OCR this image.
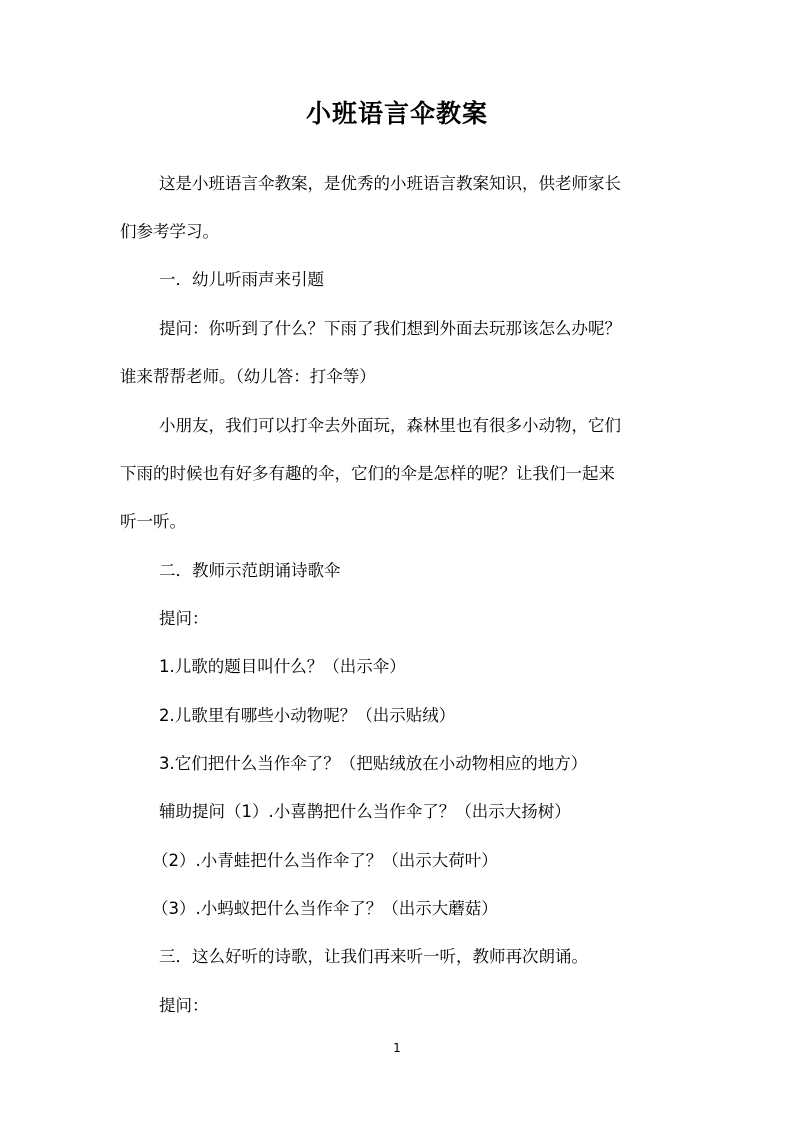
小班语言伞教案
这是小班语言伞教案，是优秀的小班语言教案知识，供老师家长
们参考学习。
一．幼儿听雨声来引题
提问：你听到了什么？下雨了我们想到外面去玩那该怎么办呢？
谁来帮帮老师。（幼儿答：打伞等）
小朋友，我们可以打伞去外面玩，森林里也有很多小动物，它们
下雨的时候也有好多有趣的伞，它们的伞是怎样的呢？让我们一起来
听一听。
二．教师示范朗诵诗歌伞
提问：
1.儿歌的题目叫什么？（出示伞）
2.儿歌里有哪些小动物呢？（出示贴绒）
3.它们把什么当作伞了？（把贴绒放在小动物相应的地方）
辅助提问（1）.小喜鹊把什么当作伞了？（出示大扬树）
（2）.小青蛙把什么当作伞了？（出示大荷叶）
（3）.小蚂蚁把什么当作伞了？（出示大蘑菇）
三．这么好听的诗歌，让我们再来听一听，教师再次朗诵。
提问：
1
